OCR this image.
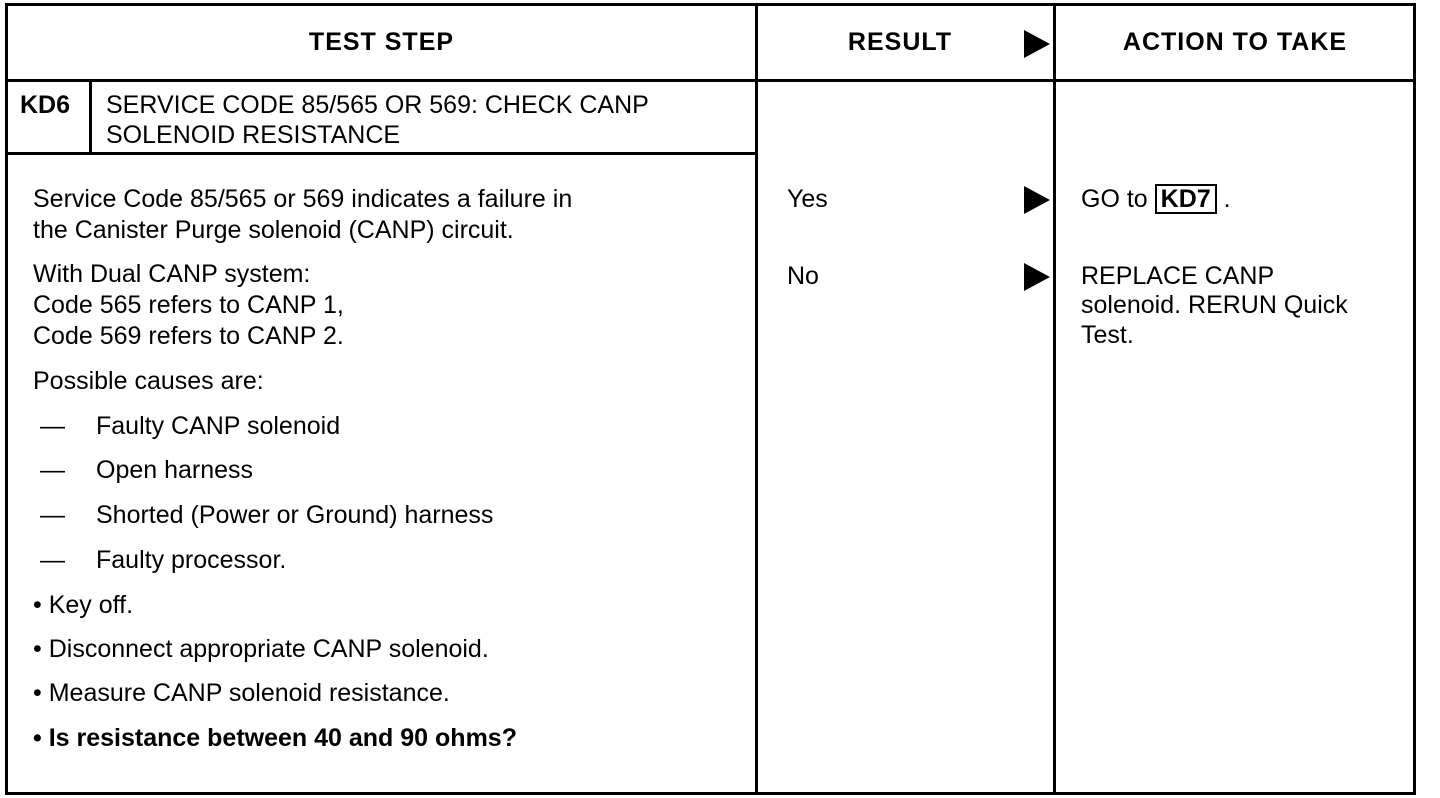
TEST STEP	RESULT	ACTION TO TAKE
KD6 SERVICE CODE 85/565 OR 569: CHECK CANP
SOLENOID RESISTANCE
Service Code 85/565 or 569 indicates a failure in
the Canister Purge solenoid (CANP) circuit.
With Dual CANP system:
Code 565 refers to CANP 1,
Code 569 refers to CANP 2.
Possible causes are:
— Faulty CANP solenoid
— Open harness
— Shorted (Power or Ground) harness
— Faulty processor.
• Key off.
• Disconnect appropriate CANP solenoid.
• Measure CANP solenoid resistance.
• Is resistance between 40 and 90 ohms?
Yes
No
GO to KD7 .
REPLACE CANP
solenoid. RERUN Quick
Test.
